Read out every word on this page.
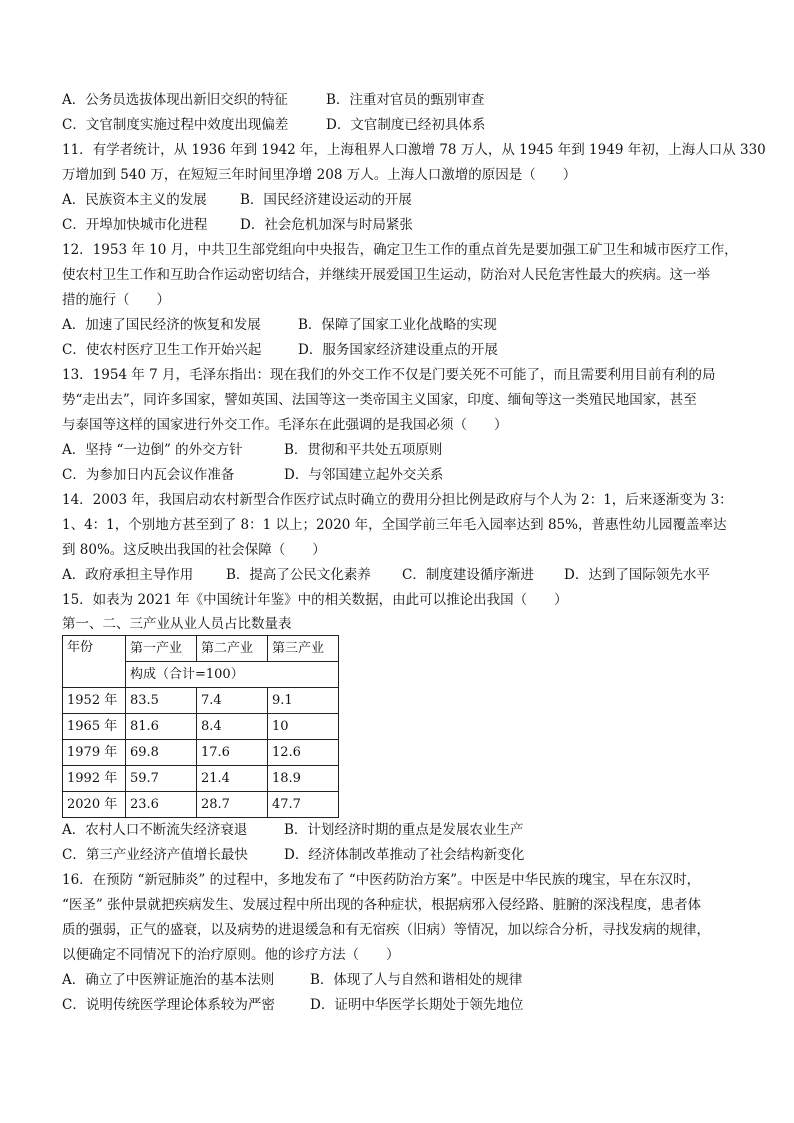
A．公务员选拔体现出新旧交织的特征	B．注重对官员的甄别审查
C．文官制度实施过程中效度出现偏差	D．文官制度已经初具体系
11．有学者统计，从 1936 年到 1942 年，上海租界人口激增 78 万人，从 1945 年到 1949 年初，上海人口从 330
万增加到 540 万，在短短三年时间里净增 208 万人。上海人口激增的原因是（　　）
A．民族资本主义的发展	B．国民经济建设运动的开展
C．开埠加快城市化进程	D．社会危机加深与时局紧张
12．1953 年 10 月，中共卫生部党组向中央报告，确定卫生工作的重点首先是要加强工矿卫生和城市医疗工作，
使农村卫生工作和互助合作运动密切结合，并继续开展爱国卫生运动，防治对人民危害性最大的疾病。这一举
措的施行（　　）
A．加速了国民经济的恢复和发展	B．保障了国家工业化战略的实现
C．使农村医疗卫生工作开始兴起	D．服务国家经济建设重点的开展
13．1954 年 7 月，毛泽东指出：现在我们的外交工作不仅是门要关死不可能了，而且需要利用目前有利的局
势“走出去”，同许多国家，譬如英国、法国等这一类帝国主义国家，印度、缅甸等这一类殖民地国家，甚至
与泰国等这样的国家进行外交工作。毛泽东在此强调的是我国必须（　　）
A．坚持 “一边倒” 的外交方针	B．贯彻和平共处五项原则
C．为参加日内瓦会议作准备	D．与邻国建立起外交关系
14．2003 年，我国启动农村新型合作医疗试点时确立的费用分担比例是政府与个人为 2：1，后来逐渐变为 3：
1、4：1，个别地方甚至到了 8：1 以上；2020 年，全国学前三年毛入园率达到 85%，普惠性幼儿园覆盖率达
到 80%。这反映出我国的社会保障（　　）
A．政府承担主导作用	B．提高了公民文化素养	C．制度建设循序渐进	D．达到了国际领先水平
15．如表为 2021 年《中国统计年鉴》中的相关数据，由此可以推论出我国（　　）
第一、二、三产业从业人员占比数量表
年份	第一产业	第二产业	第三产业
	构成（合计=100）		
1952 年	83.5	7.4	9.1
1965 年	81.6	8.4	10
1979 年	69.8	17.6	12.6
1992 年	59.7	21.4	18.9
2020 年	23.6	28.7	47.7
A．农村人口不断流失经济衰退	B．计划经济时期的重点是发展农业生产
C．第三产业经济产值增长最快	D．经济体制改革推动了社会结构新变化
16．在预防 “新冠肺炎” 的过程中，多地发布了 “中医药防治方案”。中医是中华民族的瑰宝，早在东汉时，
“医圣” 张仲景就把疾病发生、发展过程中所出现的各种症状，根据病邪入侵经路、脏腑的深浅程度，患者体
质的强弱，正气的盛衰，以及病势的进退缓急和有无宿疾（旧病）等情况，加以综合分析，寻找发病的规律，
以便确定不同情况下的治疗原则。他的诊疗方法（　　）
A．确立了中医辨证施治的基本法则	B．体现了人与自然和谐相处的规律
C．说明传统医学理论体系较为严密	D．证明中华医学长期处于领先地位
